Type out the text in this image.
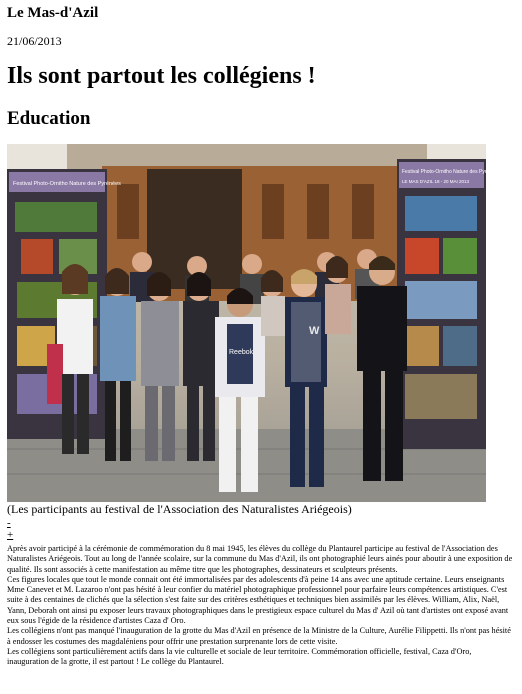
Le Mas-d'Azil
21/06/2013
Ils sont partout les collégiens !
Education
Festival Photo-Ornitho Nature des Pyrénées
Festival Photo-Ornitho Nature des Pyrénées
LE MAS D'AZIL 18 - 20 MAI 2013
Reebok
W
(Les participants au festival de l'Association des Naturalistes Ariégeois)
-
+

Après avoir participé à la cérémonie de commémoration du 8 mai 1945, les élèves du collège du Plantaurel participe au festival de l'Association des Naturalistes Ariégeois. Tout au long de l'année scolaire, sur la commune du Mas d'Azil, ils ont photographié leurs ainés pour aboutir à une exposition de qualité. Ils sont associés à cette manifestation au même titre que les photographes, dessinateurs et sculpteurs présents.

Ces figures locales que tout le monde connait ont été immortalisées par des adolescents d'à peine 14 ans avec une aptitude certaine. Leurs enseignants Mme Canevet et M. Lazaroo n'ont pas hésité à leur confier du matériel photographique professionnel pour parfaire leurs compétences artistiques. C'est suite à des centaines de clichés que la sélection s'est faite sur des critères esthétiques et techniques bien assimilés par les élèves. William, Alix, Naël, Yann, Deborah ont ainsi pu exposer leurs travaux photographiques dans le prestigieux espace culturel du Mas d' Azil où tant d'artistes ont exposé avant eux sous l'égide de la résidence d'artistes Caza d' Oro.

Les collégiens n'ont pas manqué l'inauguration de la grotte du Mas d'Azil en présence de la Ministre de la Culture, Aurélie Filippetti. Ils n'ont pas hésité à endosser les costumes des magdaléniens pour offrir une prestation surprenante lors de cette visite.

Les collégiens sont particulièrement actifs dans la vie culturelle et sociale de leur territoire. Commémoration officielle, festival, Caza d'Oro, inauguration de la grotte, il est partout ! Le collège du Plantaurel.
